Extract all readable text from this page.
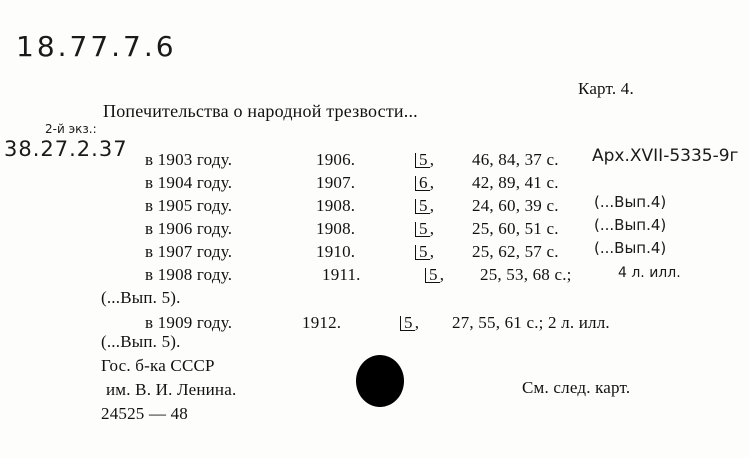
18.77.7.6
Карт. 4.
Попечительства о народной трезвости...
2-й экз.:
38.27.2.37 в 1903 году.	1906.	5 , 46, 84, 37 с. Арх.XVII-5335-9г
в 1904 году.	1907.	6 , 42, 89, 41 с.
в 1905 году.	1908.	5 , 24, 60, 39 с. (...Вып.4)
в 1906 году.	1908.	5 , 25, 60, 51 с. (...Вып.4)
в 1907 году.	1910.	5 , 25, 62, 57 с. (...Вып.4)
в 1908 году.	1911.	5 , 25, 53, 68 с.;	4 л. илл.
(...Вып. 5).
в 1909 году.	1912.	5 , 27, 55, 61 с.; 2 л. илл.
(...Вып. 5).
Гос. б-ка СССР
им. В. И. Ленина.
24525 — 48
См. след. карт.
